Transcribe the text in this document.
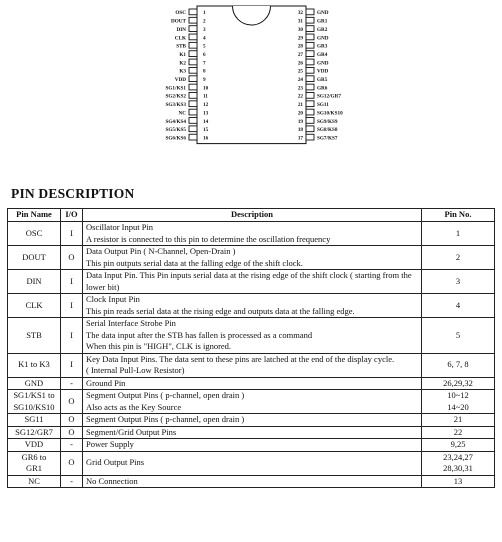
1
OSC
2
DOUT
3
DIN
4
CLK
5
STB
6
K1
7
K2
8
K3
9
VDD
10
SG1/KS1
11
SG2/KS2
12
SG3/KS3
13
NC
14
SG4/KS4
15
SG5/KS5
16
SG6/KS6
32	GND
31	GR1
30	GR2
29	GND
28	GR3
27	GR4
26	GND
25	VDD
24	GR5
23	GR6
22	SG12/GR7
21	SG11
20	SG10/KS10
19	SG9/KS9
18	SG8/KS8
17	SG7/KS7
PIN DESCRIPTION
Pin Name	I/O	Description	Pin No.

OSC	I	Oscillator Input Pin
A resistor is connected to this pin to determine the oscillation frequency	1

DOUT	O	Data Output Pin ( N-Channel, Open-Drain )
This pin outputs serial data at the falling edge of the shift clock.	2

DIN	I	Data Input Pin. This Pin inputs serial data at the rising edge of the shift clock ( starting from the lower bit)	3

CLK	I	Clock Input Pin
This pin reads serial data at the rising edge and outputs data at the falling edge.	4

STB	I	Serial Interface Strobe Pin
The data input after the STB has fallen is processed as a command
When this pin is "HIGH", CLK is ignored.	5

K1 to K3	I	Key Data Input Pins. The data sent to these pins are latched at the end of the display cycle.
( Internal Pull-Low Resistor)	6, 7, 8

GND	-	Ground Pin	26,29,32

SG1/KS1 to
SG10/KS10	O	Segment Output Pins ( p-channel, open drain )
Also acts as the Key Source	10~12
14~20

SG11	O	Segment Output Pins ( p-channel, open drain )	21

SG12/GR7	O	Segment/Grid Output Pins	22

VDD	-	Power Supply	9,25

GR6 to
GR1	O	Grid Output Pins	23,24,27
28,30,31

NC	-	No Connection	13
